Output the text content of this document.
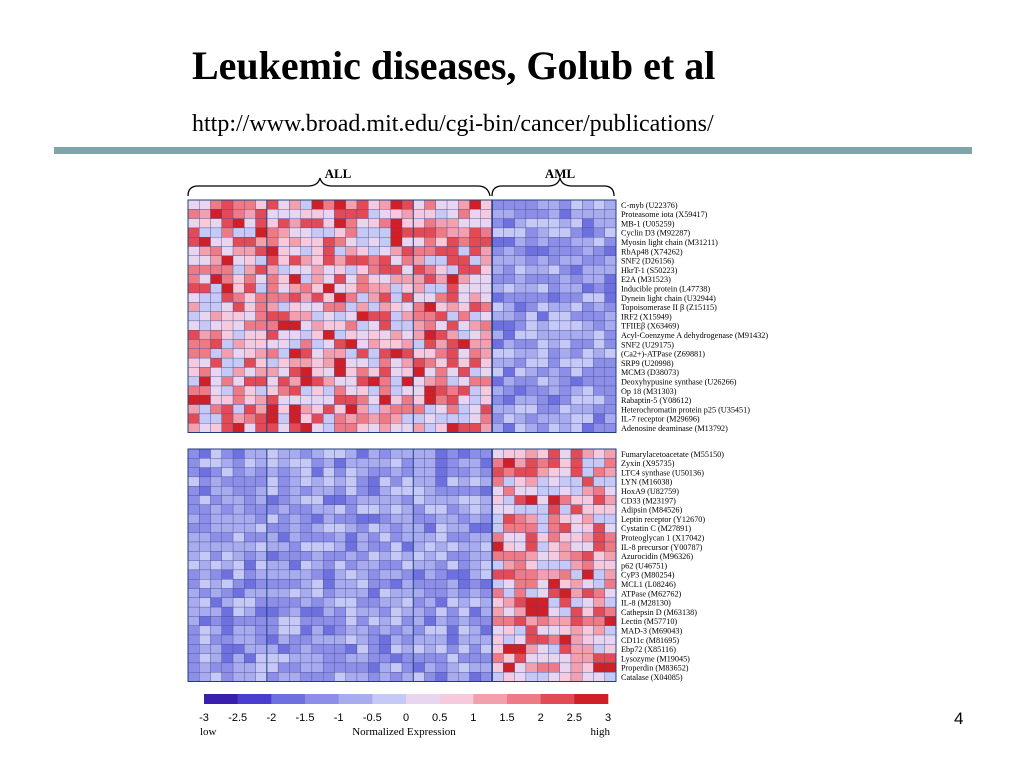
Leukemic diseases, Golub et al
http://www.broad.mit.edu/cgi-bin/cancer/publications/
ALL	AML
C-myb (U22376)
Proteasome iota (X59417)
MB-1 (U05259)
Cyclin D3 (M92287)
Myosin light chain (M31211)
RbAp48 (X74262)
SNF2 (D26156)
HkrT-1 (S50223)
E2A (M31523)
Inducible protein (L47738)
Dynein light chain (U32944)
Topoisomerase II β (Z15115)
IRF2 (X15949)
TFIIEβ (X63469)
Acyl-Coenzyme A dehydrogenase (M91432)
SNF2 (U29175)
(Ca2+)-ATPase (Z69881)
SRP9 (U20998)
MCM3 (D38073)
Deoxyhypusine synthase (U26266)
Op 18 (M31303)
Rabaptin-5 (Y08612)
Heterochromatin protein p25 (U35451)
IL-7 receptor (M29696)
Adenosine deaminase (M13792)
Fumarylacetoacetate (M55150)
Zyxin (X95735)
LTC4 synthase (U50136)
LYN (M16038)
HoxA9 (U82759)
CD33 (M23197)
Adipsin (M84526)
Leptin receptor (Y12670)
Cystatin C (M27891)
Proteoglycan 1 (X17042)
IL-8 precursor (Y00787)
Azurocidin (M96326)
p62 (U46751)
CyP3 (M80254)
MCL1 (L08246)
ATPase (M62762)
IL-8 (M28130)
Cathepsin D (M63138)
Lectin (M57710)
MAD-3 (M69043)
CD11c (M81695)
Ebp72 (X85116)
Lysozyme (M19045)
Properdin (M83652)
Catalase (X04085)
-3 -2.5 -2 -1.5 -1 -0.5 0 0.5 1 1.5 2 2.5 3
low	Normalized Expression	high
4
